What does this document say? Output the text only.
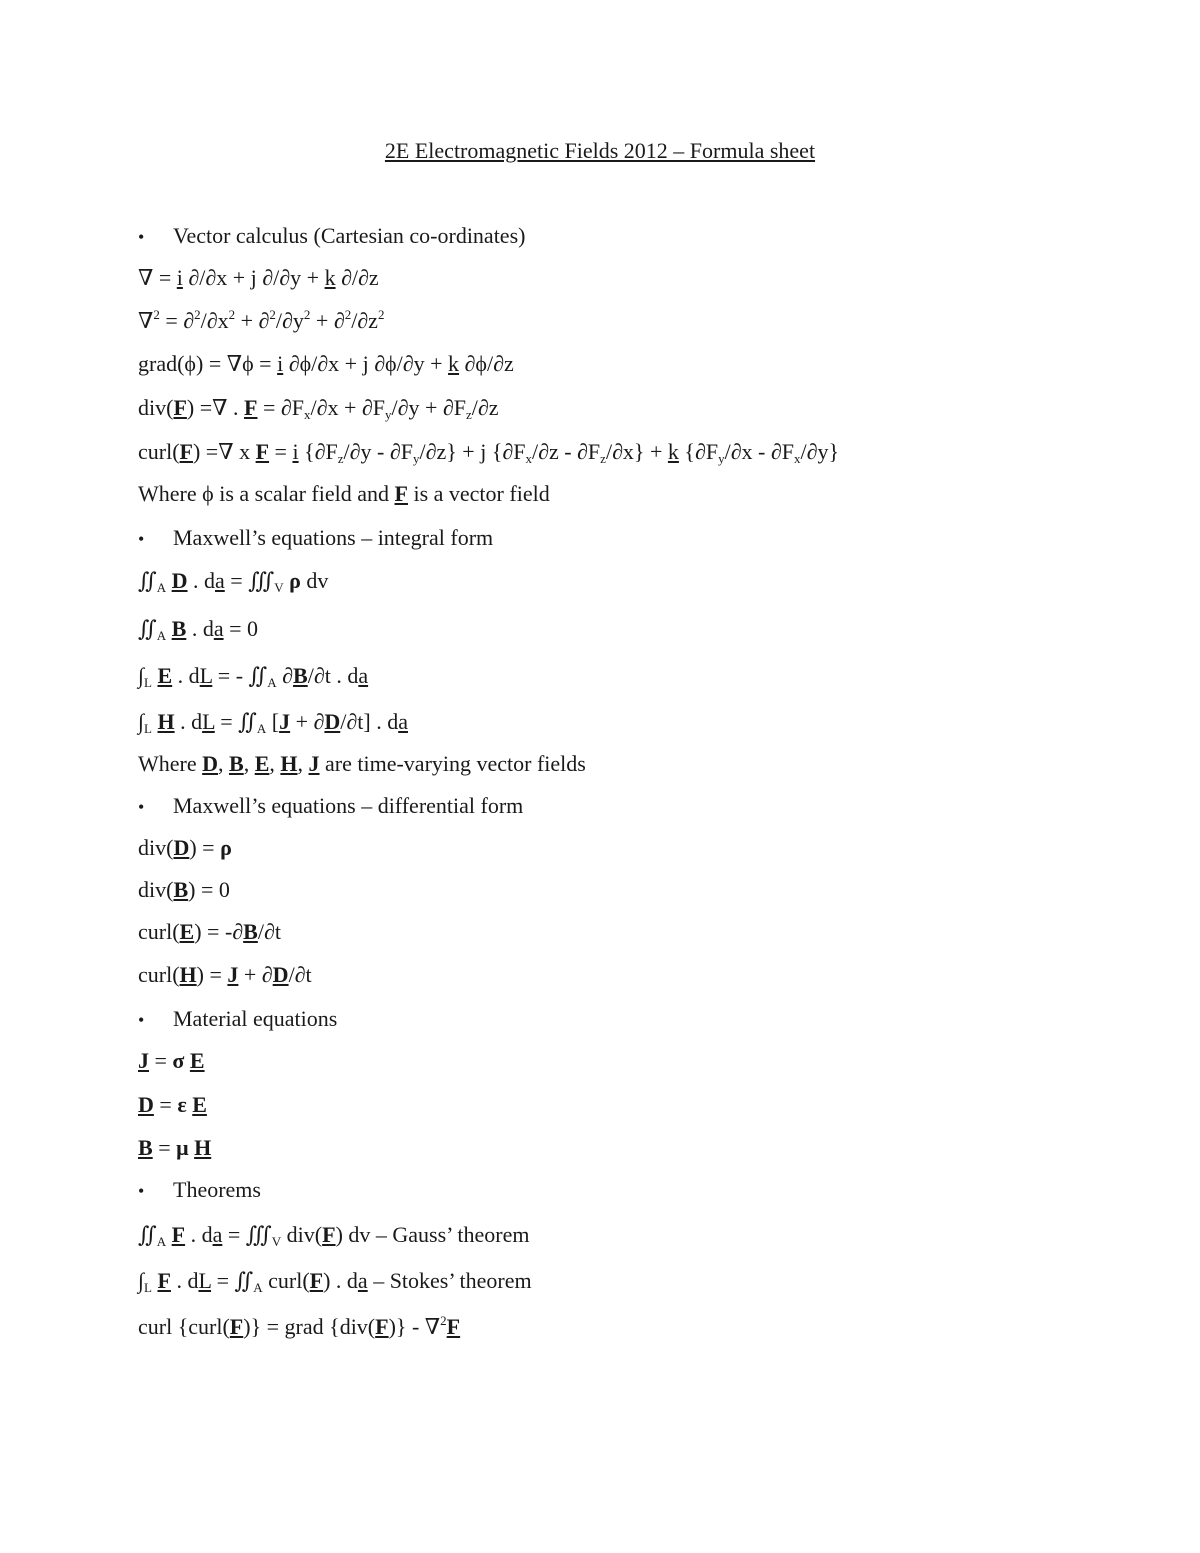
2E Electromagnetic Fields 2012 – Formula sheet
• Vector calculus (Cartesian co-ordinates)
∇ = i ∂/∂x + j ∂/∂y + k ∂/∂z
$\nabla^2 = \partial^2/\partial x^2 + \partial^2/\partial y^2 + \partial^2/\partial z^2$
grad(ϕ) = ∇ϕ = i ∂ϕ/∂x + j ∂ϕ/∂y + k ∂ϕ/∂z
div(F) =∇ . $F = \partial F_x/\partial x + \partial F_y/\partial y + \partial F_z/\partial z$
curl(F) =∇ x F = i $\{\partial F_z/\partial y - \partial F_y/\partial z\} + j$ $\{\partial F_x/\partial z - \partial F_z/\partial x\} + k$ $\{\partial F_y/\partial x - \partial F_x/\partial y\}$
Where ϕ is a scalar field and F is a vector field
• Maxwell’s equations – integral form
$∬_A$ D . da = $∭_V$ ρ dv
$∬_A$ B . da = 0
$\int_L$ E . dL = - $∬_A$ ∂B/∂t . da
$\int_L$ H . dL = $∬_A$ [J + ∂D/∂t] . da
Where D, B, E, H, J are time-varying vector fields
• Maxwell’s equations – differential form
div(D) = ρ
div(B) = 0
curl(E) = -∂B/∂t
curl(H) = J + ∂D/∂t
• Material equations
J = σ E
D = ε E
B = μ H
• Theorems
$∬_A$ F . da = $∭_V$ div(F) dv – Gauss’ theorem
$\int_L$ F . dL = $∬_A$ curl(F) . da – Stokes’ theorem
curl {curl(F)} = grad {div(F)} - ∇$^2$F
